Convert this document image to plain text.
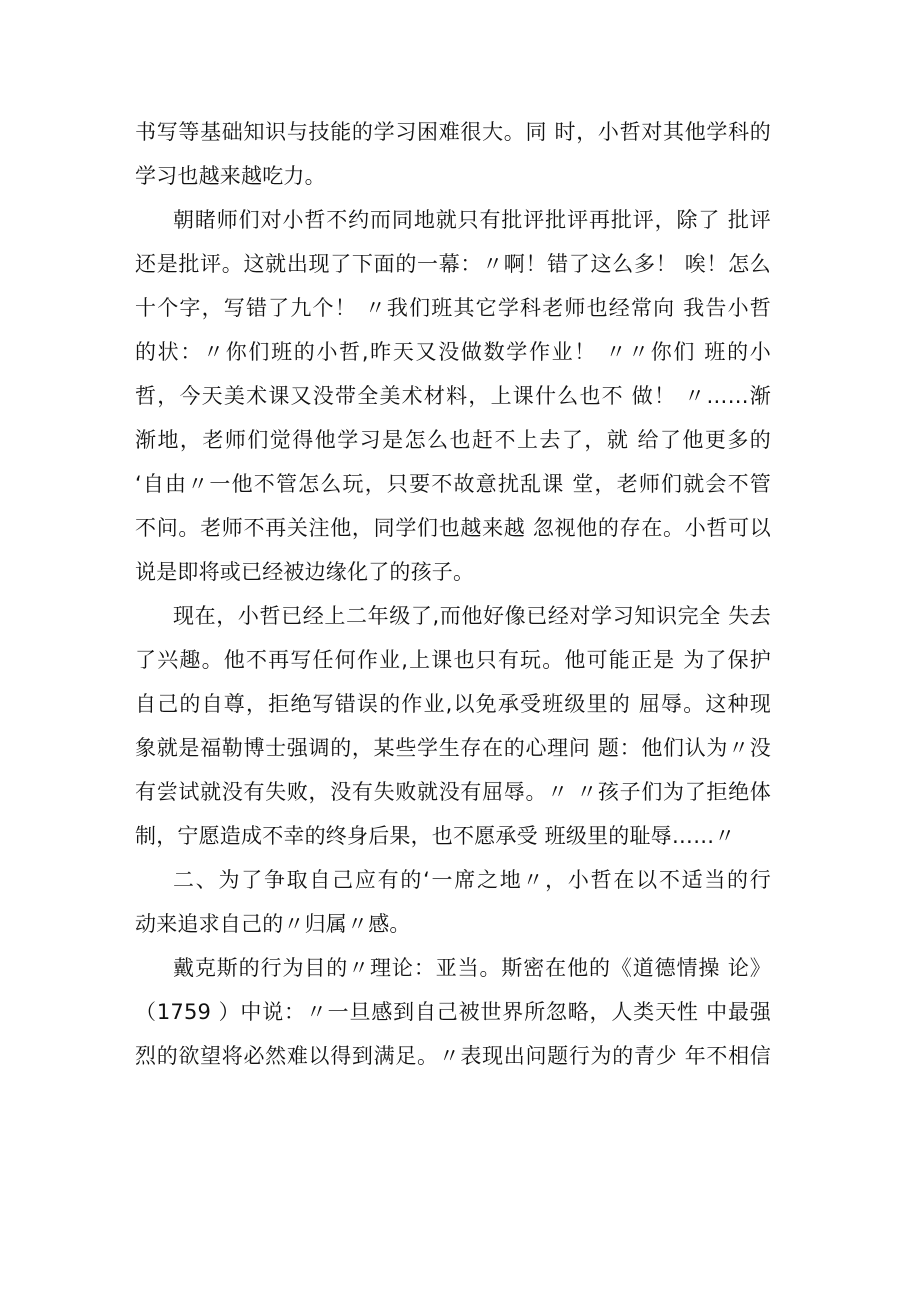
书写等基础知识与技能的学习困难很大。同 时，小哲对其他学科的
学习也越来越吃力。
朝睹师们对小哲不约而同地就只有批评批评再批评，除了 批评
还是批评。这就出现了下面的一幕：〃啊！错了这么多！ 唉！怎么
十个字，写错了九个！ 〃我们班其它学科老师也经常向 我告小哲
的状：〃你们班的小哲,昨天又没做数学作业！ 〃〃你们 班的小
哲，今天美术课又没带全美术材料，上课什么也不 做！ 〃……渐
渐地，老师们觉得他学习是怎么也赶不上去了，就 给了他更多的
‘自由〃一他不管怎么玩，只要不故意扰乱课 堂，老师们就会不管
不问。老师不再关注他，同学们也越来越 忽视他的存在。小哲可以
说是即将或已经被边缘化了的孩子。
现在，小哲已经上二年级了,而他好像已经对学习知识完全 失去
了兴趣。他不再写任何作业,上课也只有玩。他可能正是 为了保护
自己的自尊，拒绝写错误的作业,以免承受班级里的 屈辱。这种现
象就是福勒博士强调的，某些学生存在的心理问 题：他们认为〃没
有尝试就没有失败，没有失败就没有屈辱。〃 〃孩子们为了拒绝体
制，宁愿造成不幸的终身后果，也不愿承受 班级里的耻辱……〃
二、为了争取自己应有的‘一席之地〃，小哲在以不适当的行
动来追求自己的〃归属〃感。
戴克斯的行为目的〃理论：亚当。斯密在他的《道德情操 论》
（1759 ）中说：〃一旦感到自己被世界所忽略，人类天性 中最强
烈的欲望将必然难以得到满足。〃表现出问题行为的青少 年不相信
